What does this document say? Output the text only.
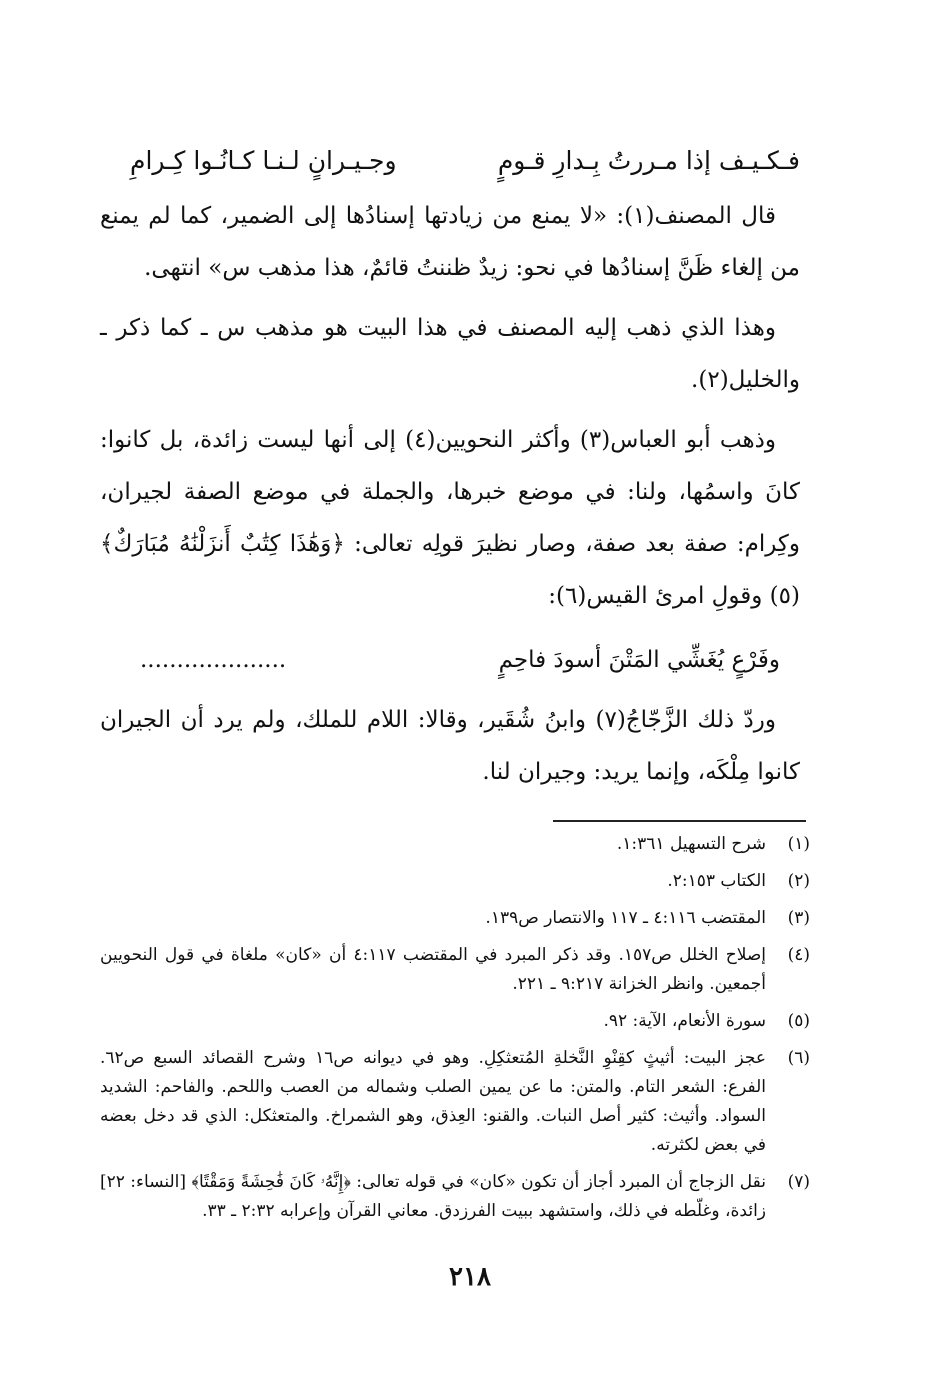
فـكـيـف إذا مـررتُ بِـدارِ قـومٍ
وجـيـرانٍ لـنـا كـانُـوا كِـرامِ

قال المصنف(١): «لا يمنع من زيادتها إسنادُها إلى الضمير، كما لم يمنع من إلغاء ظَنَّ إسنادُها في نحو: زيدٌ ظننتُ قائمٌ، هذا مذهب س» انتهى.

وهذا الذي ذهب إليه المصنف في هذا البيت هو مذهب س ـ كما ذكر ـ والخليل(٢).

وذهب أبو العباس(٣) وأكثر النحويين(٤) إلى أنها ليست زائدة، بل كانوا: كانَ واسمُها، ولنا: في موضع خبرها، والجملة في موضع الصفة لجيران، وكِرام: صفة بعد صفة، وصار نظيرَ قولِه تعالى: ﴿وَهَٰذَا كِتَٰبٌ أَنزَلْنَٰهُ مُبَارَكٌ﴾(٥) وقولِ امرئ القيس(٦):

وفَرْعٍ يُغَشِّي المَتْنَ أسودَ فاحِمٍ
....................

وردّ ذلك الزَّجّاجُ(٧) وابنُ شُقَير، وقالا: اللام للملك، ولم يرد أن الجيران كانوا مِلْكَه، وإنما يريد: وجيران لنا.

(١)
شرح التسهيل ١:٣٦١.
(٢)
الكتاب ٢:١٥٣.
(٣)
المقتضب ٤:١١٦ ـ ١١٧ والانتصار ص١٣٩.
(٤)
إصلاح الخلل ص١٥٧. وقد ذكر المبرد في المقتضب ٤:١١٧ أن «كان» ملغاة في قول النحويين أجمعين. وانظر الخزانة ٩:٢١٧ ـ ٢٢١.
(٥)
سورة الأنعام، الآية: ٩٢.
(٦)
عجز البيت: أثيثٍ كقِنْوِ النَّخلةِ المُتعثكِلِ. وهو في ديوانه ص١٦ وشرح القصائد السبع ص٦٢. الفرع: الشعر التام. والمتن: ما عن يمين الصلب وشماله من العصب واللحم. والفاحم: الشديد السواد. وأثيث: كثير أصل النبات. والقنو: العِذق، وهو الشمراخ. والمتعثكل: الذي قد دخل بعضه في بعض لكثرته.
(٧)
نقل الزجاج أن المبرد أجاز أن تكون «كان» في قوله تعالى: ﴿إِنَّهُۥ كَانَ فَٰحِشَةً وَمَقْتًا﴾ [النساء: ٢٢] زائدة، وغلّطه في ذلك، واستشهد ببيت الفرزدق. معاني القرآن وإعرابه ٢:٣٢ ـ ٣٣.
٢١٨
